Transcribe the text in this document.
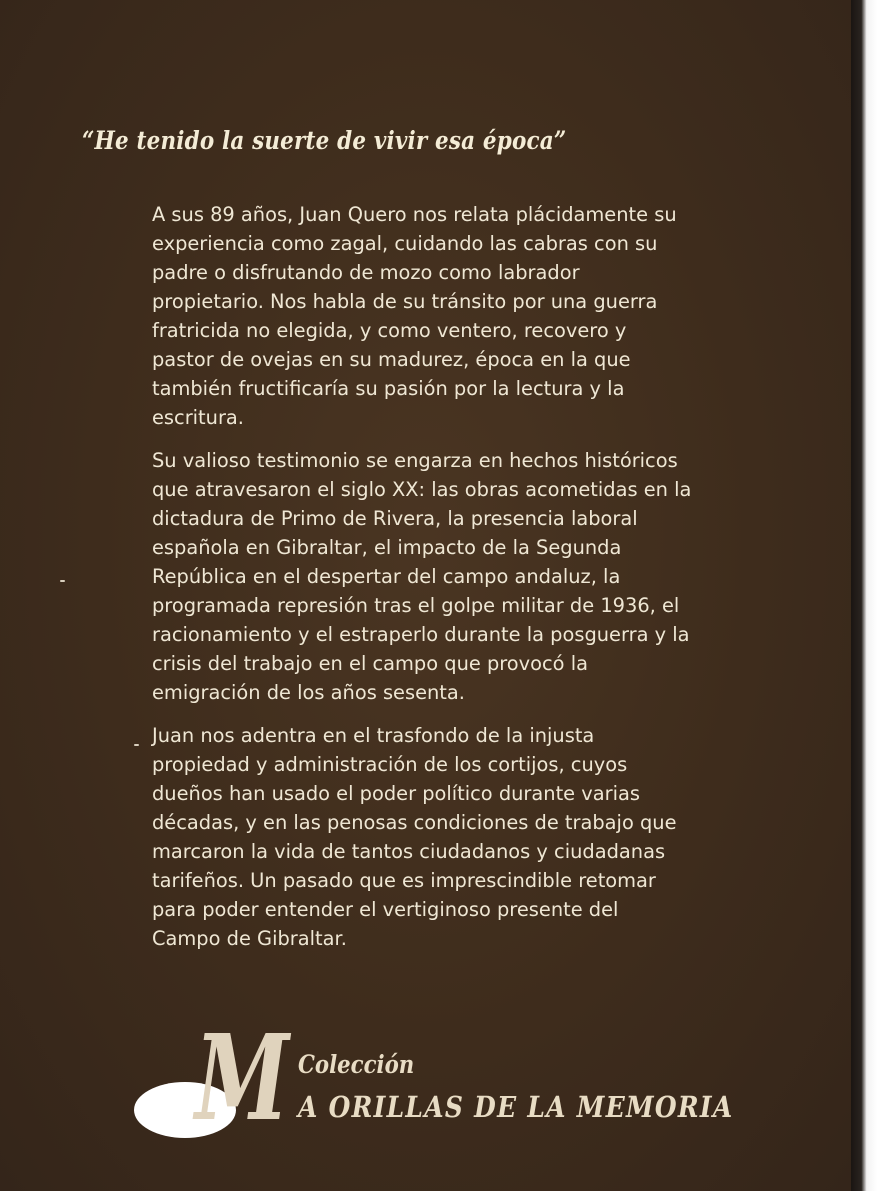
“He tenido la suerte de vivir esa época”

A sus 89 años, Juan Quero nos relata plácidamente su experiencia como zagal, cuidando las cabras con su padre o disfrutando de mozo como labrador propietario. Nos habla de su tránsito por una guerra fratricida no elegida, y como ventero, recovero y pastor de ovejas en su madurez, época en la que también fructificaría su pasión por la lectura y la escritura.

Su valioso testimonio se engarza en hechos históricos que atravesaron el siglo XX: las obras acometidas en la dictadura de Primo de Rivera, la presencia laboral española en Gibraltar, el impacto de la Segunda República en el despertar del campo andaluz, la programada represión tras el golpe militar de 1936, el racionamiento y el estraperlo durante la posguerra y la crisis del trabajo en el campo que provocó la emigración de los años sesenta.

Juan nos adentra en el trasfondo de la injusta propiedad y administración de los cortijos, cuyos dueños han usado el poder político durante varias décadas, y en las penosas condiciones de trabajo que marcaron la vida de tantos ciudadanos y ciudadanas tarifeños. Un pasado que es imprescindible retomar para poder entender el vertiginoso presente del Campo de Gibraltar.

M Colección
A ORILLAS DE LA MEMORIA
